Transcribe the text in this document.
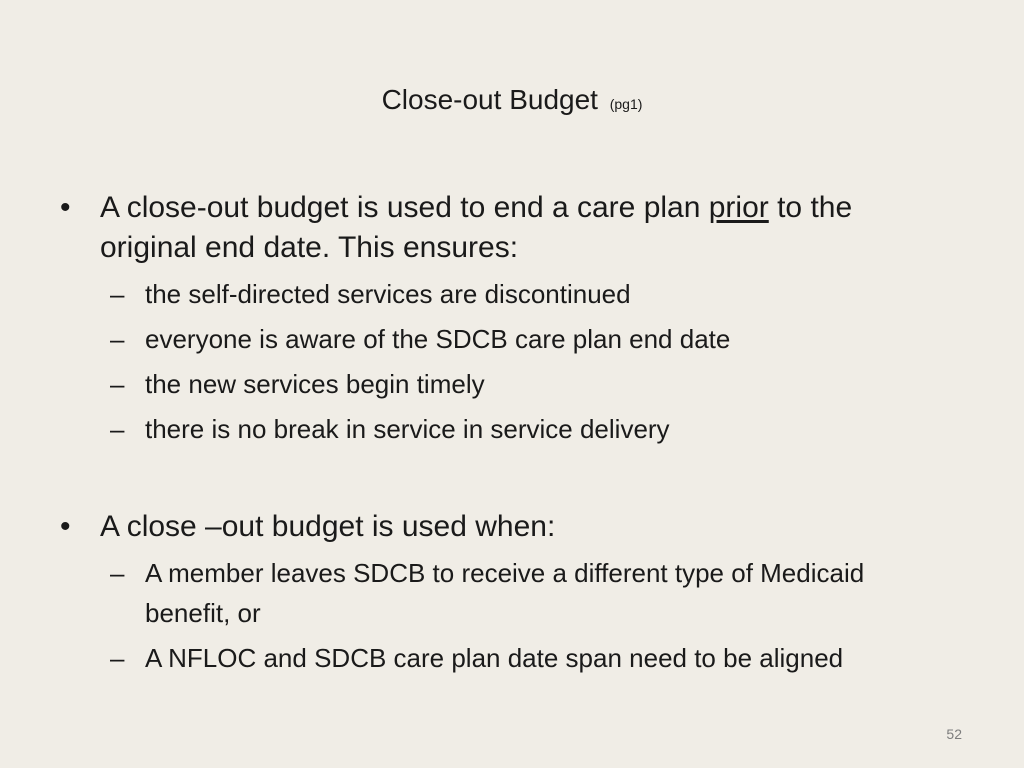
Close-out Budget (pg1)
• A close-out budget is used to end a care plan prior to the original end date. This ensures:
– the self-directed services are discontinued
– everyone is aware of the SDCB care plan end date
– the new services begin timely
– there is no break in service in service delivery
• A close –out budget is used when:
– A member leaves SDCB to receive a different type of Medicaid benefit, or
– A NFLOC and SDCB care plan date span need to be aligned
52
